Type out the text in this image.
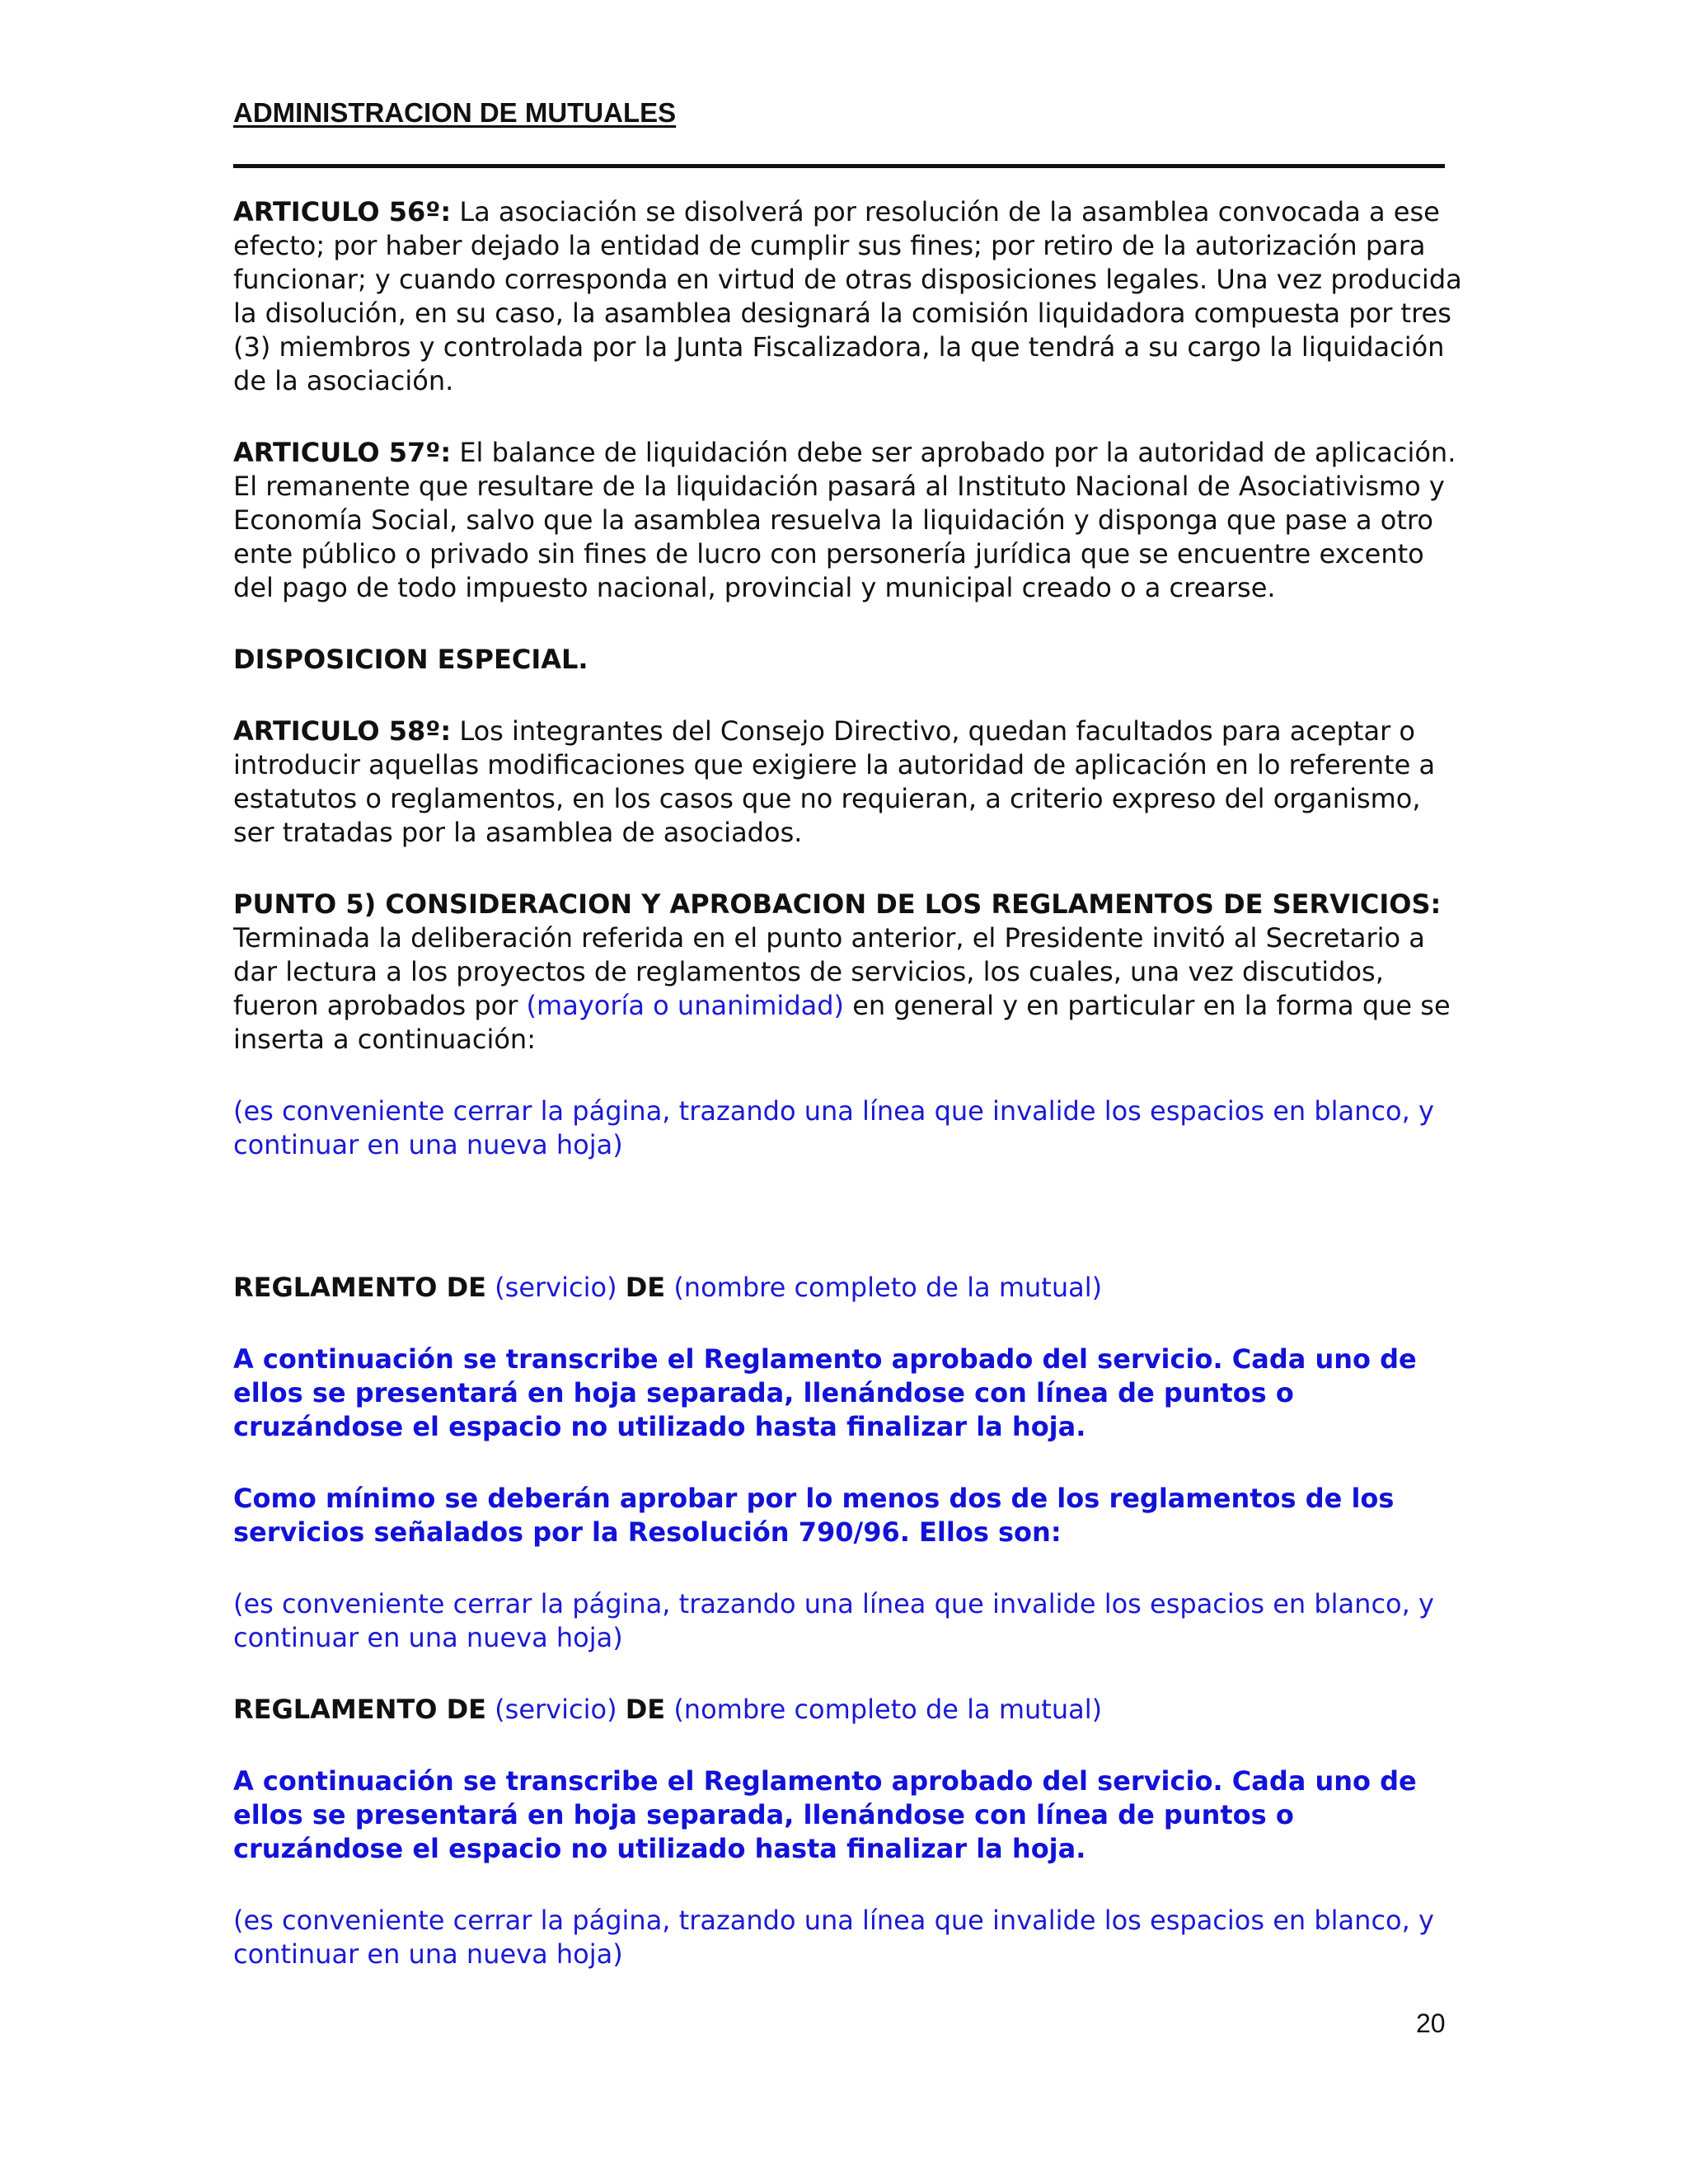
ADMINISTRACION DE MUTUALES

ARTICULO 56º: La asociación se disolverá por resolución de la asamblea convocada a ese efecto; por haber dejado la entidad de cumplir sus fines; por retiro de la autorización para funcionar; y cuando corresponda en virtud de otras disposiciones legales. Una vez producida la disolución, en su caso, la asamblea designará la comisión liquidadora compuesta por tres (3) miembros y controlada por la Junta Fiscalizadora, la que tendrá a su cargo la liquidación de la asociación.

ARTICULO 57º: El balance de liquidación debe ser aprobado por la autoridad de aplicación. El remanente que resultare de la liquidación pasará al Instituto Nacional de Asociativismo y Economía Social, salvo que la asamblea resuelva la liquidación y disponga que pase a otro ente público o privado sin fines de lucro con personería jurídica que se encuentre excento del pago de todo impuesto nacional, provincial y municipal creado o a crearse.

DISPOSICION ESPECIAL.

ARTICULO 58º: Los integrantes del Consejo Directivo, quedan facultados para aceptar o introducir aquellas modificaciones que exigiere la autoridad de aplicación en lo referente a estatutos o reglamentos, en los casos que no requieran, a criterio expreso del organismo, ser tratadas por la asamblea de asociados.

PUNTO 5) CONSIDERACION Y APROBACION DE LOS REGLAMENTOS DE SERVICIOS:

Terminada la deliberación referida en el punto anterior, el Presidente invitó al Secretario a dar lectura a los proyectos de reglamentos de servicios, los cuales, una vez discutidos, fueron aprobados por (mayoría o unanimidad) en general y en particular en la forma que se inserta a continuación:

(es conveniente cerrar la página, trazando una línea que invalide los espacios en blanco, y continuar en una nueva hoja)

REGLAMENTO DE (servicio) DE (nombre completo de la mutual)

A continuación se transcribe el Reglamento aprobado del servicio. Cada uno de ellos se presentará en hoja separada, llenándose con línea de puntos o cruzándose el espacio no utilizado hasta finalizar la hoja.

Como mínimo se deberán aprobar por lo menos dos de los reglamentos de los servicios señalados por la Resolución 790/96. Ellos son:

(es conveniente cerrar la página, trazando una línea que invalide los espacios en blanco, y continuar en una nueva hoja)

REGLAMENTO DE (servicio) DE (nombre completo de la mutual)

A continuación se transcribe el Reglamento aprobado del servicio. Cada uno de ellos se presentará en hoja separada, llenándose con línea de puntos o cruzándose el espacio no utilizado hasta finalizar la hoja.

(es conveniente cerrar la página, trazando una línea que invalide los espacios en blanco, y continuar en una nueva hoja)

20
